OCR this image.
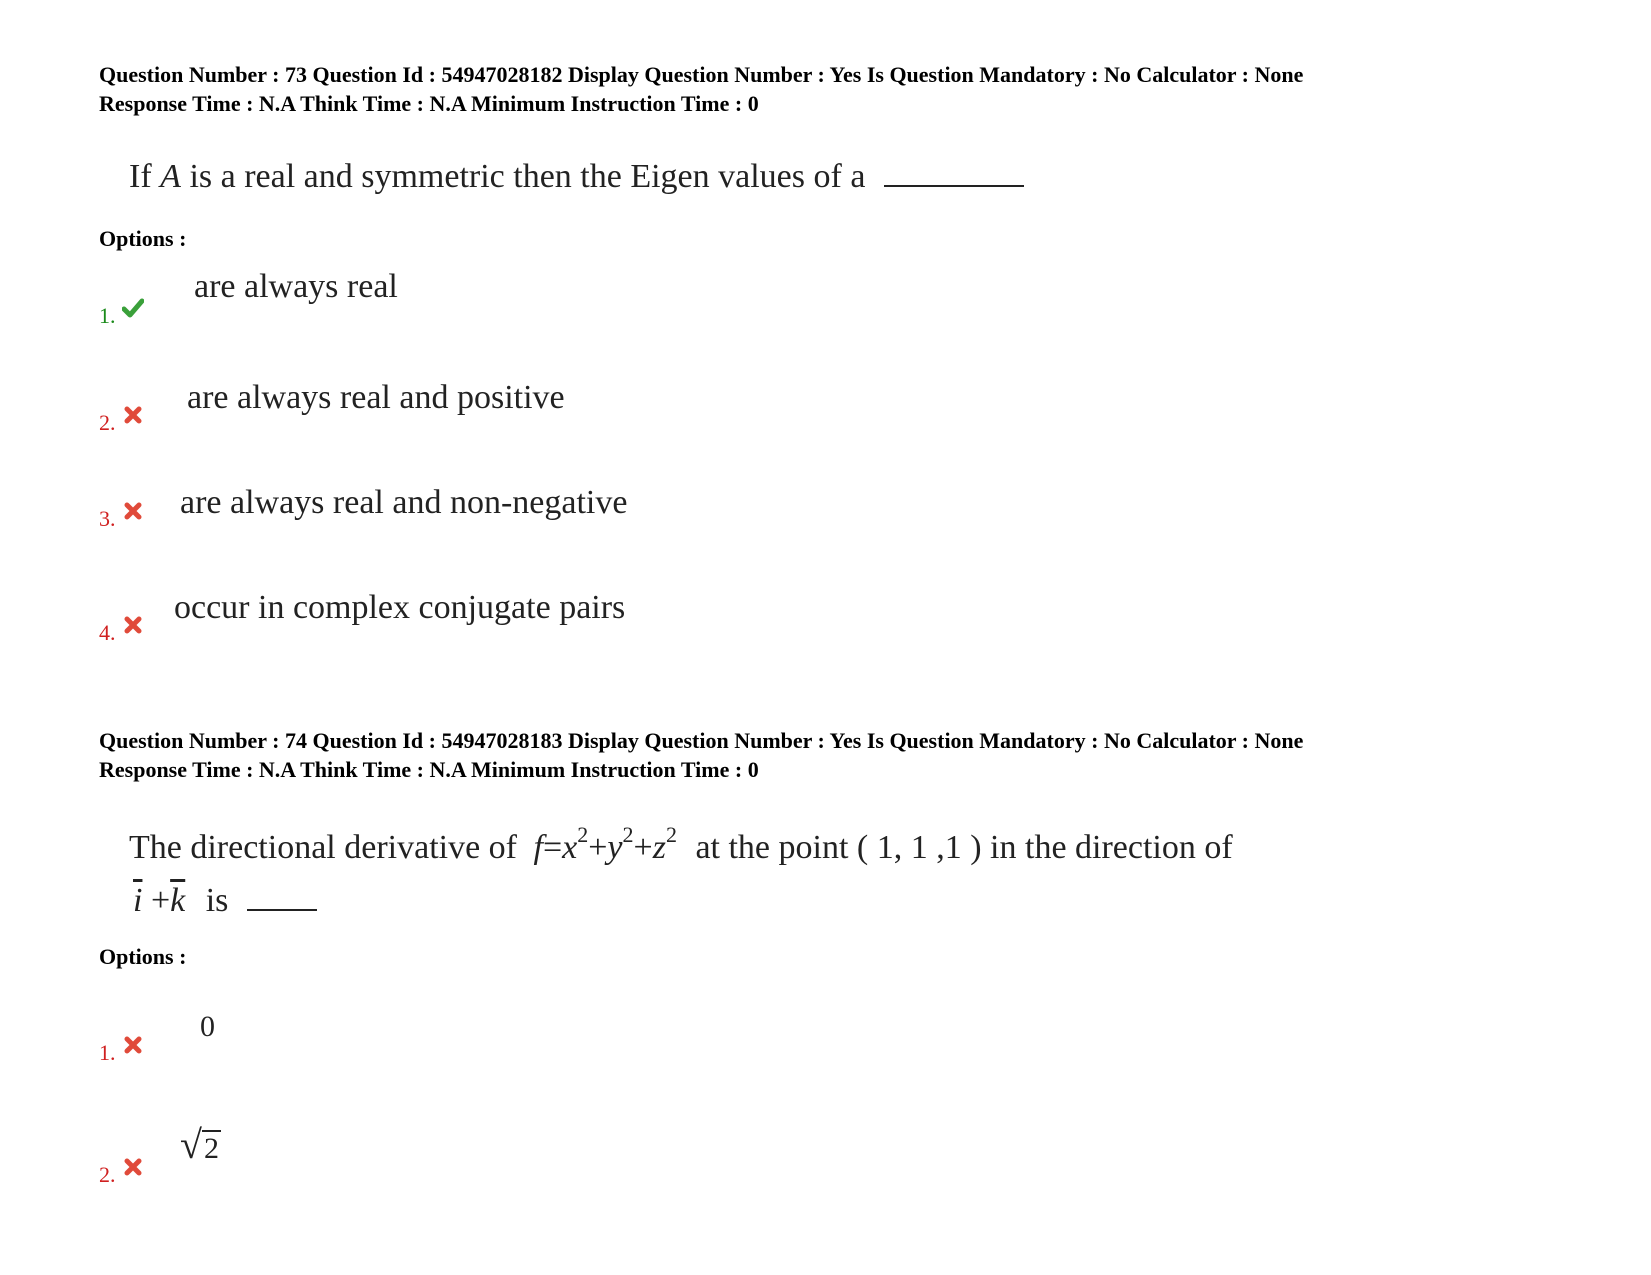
Question Number : 73 Question Id : 54947028182 Display Question Number : Yes Is Question Mandatory : No Calculator : None
Response Time : N.A Think Time : N.A Minimum Instruction Time : 0
If A is a real and symmetric then the Eigen values of a
Options :
1.
are always real
2.
are always real and positive
3. are always real and non-negative
4.
occur in complex conjugate pairs
Question Number : 74 Question Id : 54947028183 Display Question Number : Yes Is Question Mandatory : No Calculator : None
Response Time : N.A Think Time : N.A Minimum Instruction Time : 0
The directional derivative of $f=x^2+y^2+z^2$ at the point ( 1, 1 ,1 ) in the direction of
$\overline{i} +\overline{k}$ is
Options :
1.
0
2.
√ 2
